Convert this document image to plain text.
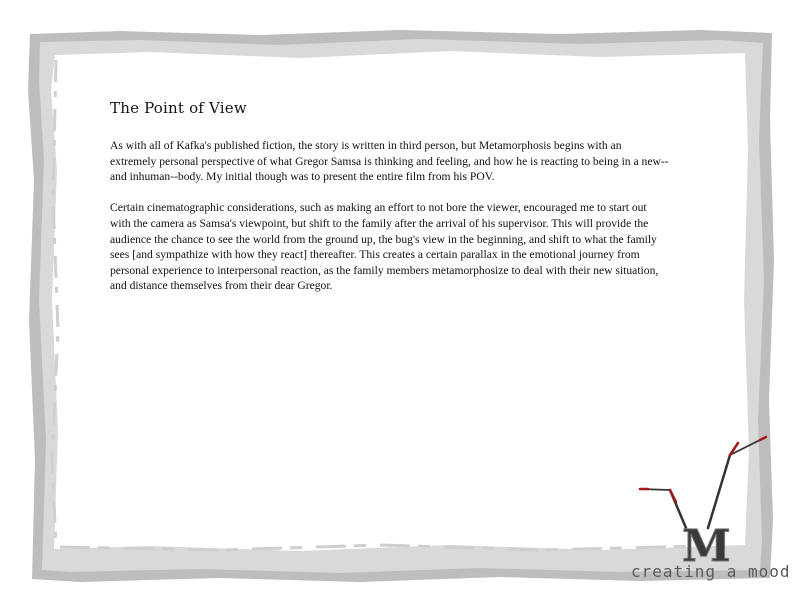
The Point of View

As with all of Kafka's published fiction, the story is written in third person, but Metamorphosis begins with an extremely personal perspective of what Gregor Samsa is thinking and feeling, and how he is reacting to being in a new--and inhuman--body. My initial though was to present the entire film from his POV.

Certain cinematographic considerations, such as making an effort to not bore the viewer, encouraged me to start out with the camera as Samsa's viewpoint, but shift to the family after the arrival of his supervisor. This will provide the audience the chance to see the world from the ground up, the bug's view in the beginning, and shift to what the family sees [and sympathize with how they react] thereafter. This creates a certain parallax in the emotional journey from personal experience to interpersonal reaction, as the family members metamorphosize to deal with their new situation, and distance themselves from their dear Gregor.

M
creating a mood
